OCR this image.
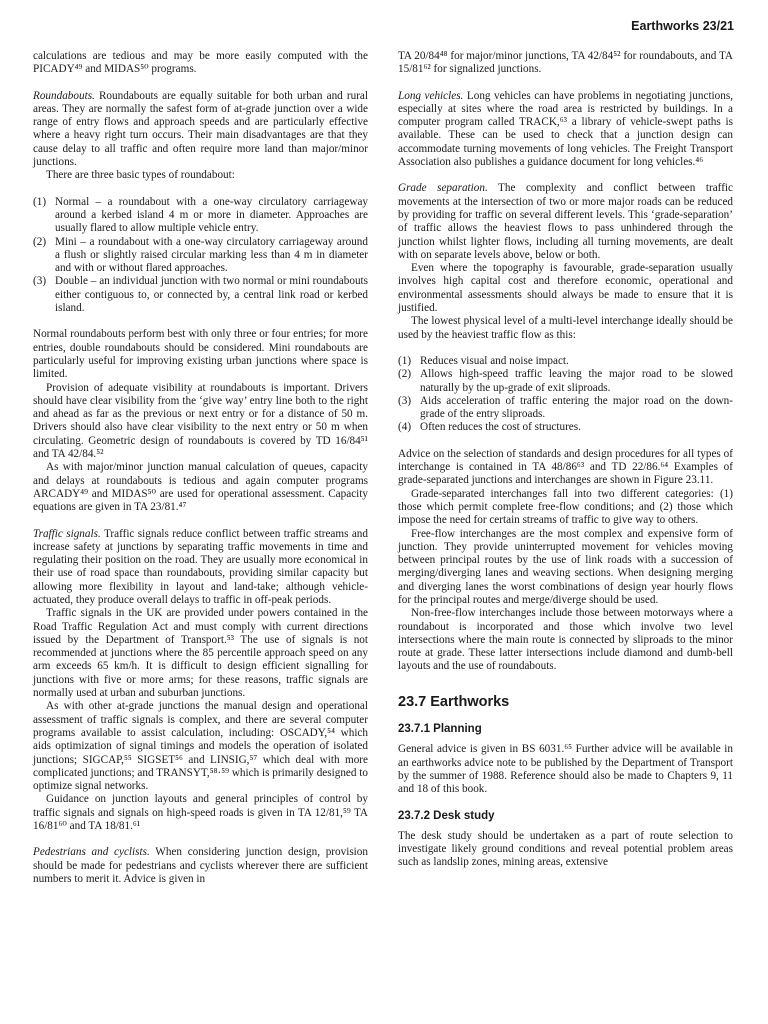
Earthworks 23/21

calculations are tedious and may be more easily computed with the PICADY⁴⁹ and MIDAS⁵⁰ programs.

Roundabouts. Roundabouts are equally suitable for both urban and rural areas. They are normally the safest form of at-grade junction over a wide range of entry flows and approach speeds and are particularly effective where a heavy right turn occurs. Their main disadvantages are that they cause delay to all traffic and often require more land than major/minor junctions.

There are three basic types of roundabout:

(1) Normal – a roundabout with a one-way circulatory carriageway around a kerbed island 4 m or more in diameter. Approaches are usually flared to allow multiple vehicle entry.
(2) Mini – a roundabout with a one-way circulatory carriageway around a flush or slightly raised circular marking less than 4 m in diameter and with or without flared approaches.
(3) Double – an individual junction with two normal or mini roundabouts either contiguous to, or connected by, a central link road or kerbed island.

Normal roundabouts perform best with only three or four entries; for more entries, double roundabouts should be considered. Mini roundabouts are particularly useful for improving existing urban junctions where space is limited.

Provision of adequate visibility at roundabouts is important. Drivers should have clear visibility from the ‘give way’ entry line both to the right and ahead as far as the previous or next entry or for a distance of 50 m. Drivers should also have clear visibility to the next entry or 50 m when circulating. Geometric design of roundabouts is covered by TD 16/84⁵¹ and TA 42/84.⁵²

As with major/minor junction manual calculation of queues, capacity and delays at roundabouts is tedious and again computer programs ARCADY⁴⁹ and MIDAS⁵⁰ are used for operational assessment. Capacity equations are given in TA 23/81.⁴⁷

Traffic signals. Traffic signals reduce conflict between traffic streams and increase safety at junctions by separating traffic movements in time and regulating their position on the road. They are usually more economical in their use of road space than roundabouts, providing similar capacity but allowing more flexibility in layout and land-take; although vehicle-actuated, they produce overall delays to traffic in off-peak periods.

Traffic signals in the UK are provided under powers contained in the Road Traffic Regulation Act and must comply with current directions issued by the Department of Transport.⁵³ The use of signals is not recommended at junctions where the 85 percentile approach speed on any arm exceeds 65 km/h. It is difficult to design efficient signalling for junctions with five or more arms; for these reasons, traffic signals are normally used at urban and suburban junctions.

As with other at-grade junctions the manual design and operational assessment of traffic signals is complex, and there are several computer programs available to assist calculation, including: OSCADY,⁵⁴ which aids optimization of signal timings and models the operation of isolated junctions; SIGCAP,⁵⁵ SIGSET⁵⁶ and LINSIG,⁵⁷ which deal with more complicated junctions; and TRANSYT,⁵⁸·⁵⁹ which is primarily designed to optimize signal networks.

Guidance on junction layouts and general principles of control by traffic signals and signals on high-speed roads is given in TA 12/81,⁵⁹ TA 16/81⁶⁰ and TA 18/81.⁶¹

Pedestrians and cyclists. When considering junction design, provision should be made for pedestrians and cyclists wherever there are sufficient numbers to merit it. Advice is given in

TA 20/84⁴⁸ for major/minor junctions, TA 42/84⁵² for roundabouts, and TA 15/81⁶² for signalized junctions.

Long vehicles. Long vehicles can have problems in negotiating junctions, especially at sites where the road area is restricted by buildings. In a computer program called TRACK,⁶³ a library of vehicle-swept paths is available. These can be used to check that a junction design can accommodate turning movements of long vehicles. The Freight Transport Association also publishes a guidance document for long vehicles.⁴⁶

Grade separation. The complexity and conflict between traffic movements at the intersection of two or more major roads can be reduced by providing for traffic on several different levels. This ‘grade-separation’ of traffic allows the heaviest flows to pass unhindered through the junction whilst lighter flows, including all turning movements, are dealt with on separate levels above, below or both.

Even where the topography is favourable, grade-separation usually involves high capital cost and therefore economic, operational and environmental assessments should always be made to ensure that it is justified.

The lowest physical level of a multi-level interchange ideally should be used by the heaviest traffic flow as this:

(1) Reduces visual and noise impact.
(2) Allows high-speed traffic leaving the major road to be slowed naturally by the up-grade of exit sliproads.
(3) Aids acceleration of traffic entering the major road on the down-grade of the entry sliproads.
(4) Often reduces the cost of structures.

Advice on the selection of standards and design procedures for all types of interchange is contained in TA 48/86⁶³ and TD 22/86.⁶⁴ Examples of grade-separated junctions and interchanges are shown in Figure 23.11.

Grade-separated interchanges fall into two different categories: (1) those which permit complete free-flow conditions; and (2) those which impose the need for certain streams of traffic to give way to others.

Free-flow interchanges are the most complex and expensive form of junction. They provide uninterrupted movement for vehicles moving between principal routes by the use of link roads with a succession of merging/diverging lanes and weaving sections. When designing merging and diverging lanes the worst combinations of design year hourly flows for the principal routes and merge/diverge should be used.

Non-free-flow interchanges include those between motorways where a roundabout is incorporated and those which involve two level intersections where the main route is connected by sliproads to the minor route at grade. These latter intersections include diamond and dumb-bell layouts and the use of roundabouts.

23.7 Earthworks
23.7.1 Planning

General advice is given in BS 6031.⁶⁵ Further advice will be available in an earthworks advice note to be published by the Department of Transport by the summer of 1988. Reference should also be made to Chapters 9, 11 and 18 of this book.

23.7.2 Desk study

The desk study should be undertaken as a part of route selection to investigate likely ground conditions and reveal potential problem areas such as landslip zones, mining areas, extensive
